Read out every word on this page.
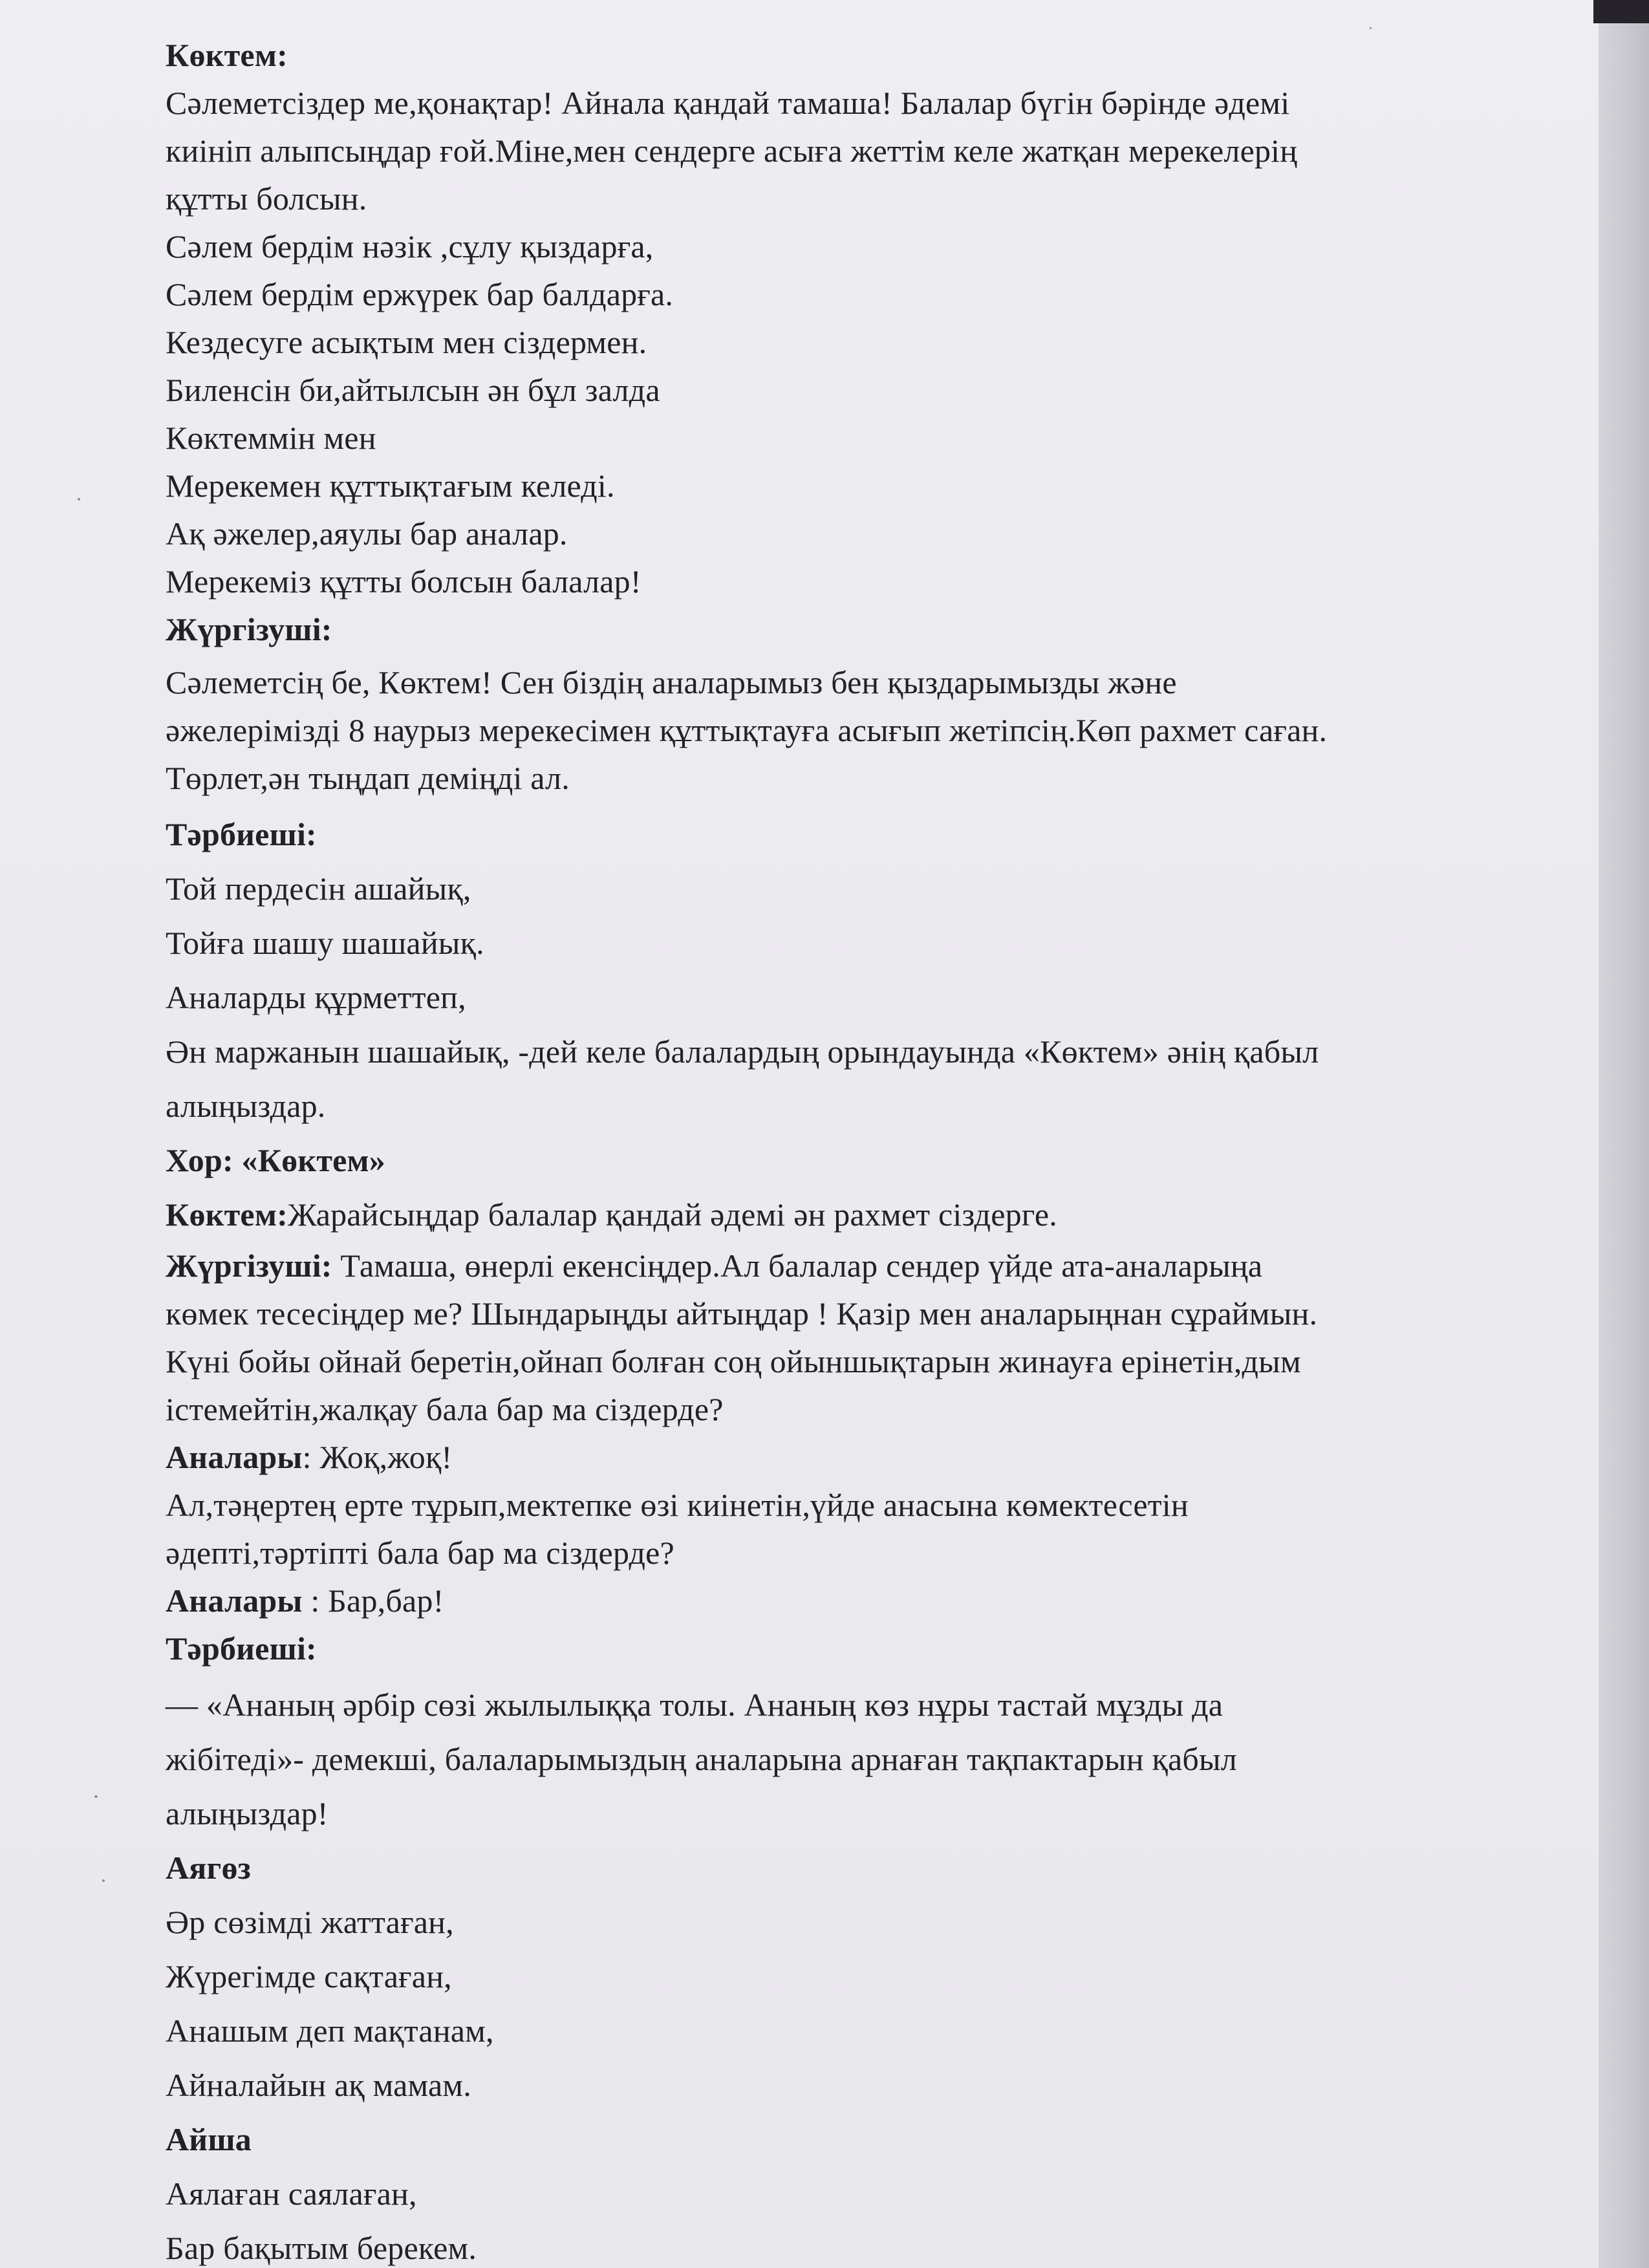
Көктем:
Сәлеметсіздер ме,қонақтар! Айнала қандай тамаша! Балалар бүгін бәрінде әдемі
киініп алыпсыңдар ғой.Міне,мен сендерге асыға жеттім келе жатқан мерекелерің
құтты болсын.
Сәлем бердім нәзік ,сұлу қыздарға,
Сәлем бердім ержүрек бар балдарға.
Кездесуге асықтым мен сіздермен.
Биленсін би,айтылсын ән бұл залда
Көктеммін мен
Мерекемен құттықтағым келеді.
Ақ әжелер,аяулы бар аналар.
Мерекеміз құтты болсын балалар!
Жүргізуші:
Сәлеметсің бе, Көктем! Сен біздің аналарымыз бен қыздарымызды және
әжелерімізді 8 наурыз мерекесімен құттықтауға асығып жетіпсің.Көп рахмет саған.
Төрлет,ән тыңдап деміңді ал.
Тәрбиеші:
Той пердесін ашайық,
Тойға шашу шашайық.
Аналарды құрметтеп,
Ән маржанын шашайық, -дей келе балалардың орындауында «Көктем» әнің қабыл
алыңыздар.
Хор: «Көктем»
Көктем:Жарайсыңдар балалар қандай әдемі ән рахмет сіздерге.
Жүргізуші: Тамаша, өнерлі екенсіңдер.Ал балалар сендер үйде ата-аналарыңа
көмек тесесіңдер ме? Шындарыңды айтыңдар ! Қазір мен аналарыңнан сұраймын.
Күні бойы ойнай беретін,ойнап болған соң ойыншықтарын жинауға ерінетін,дым
істемейтін,жалқау бала бар ма сіздерде?
Аналары: Жоқ,жоқ!
Ал,тәңертең ерте тұрып,мектепке өзі киінетін,үйде анасына көмектесетін
әдепті,тәртіпті бала бар ма сіздерде?
Аналары : Бар,бар!
Тәрбиеші:
— «Ананың әрбір сөзі жылылыққа толы. Ананың көз нұры тастай мұзды да
жібітеді»- демекші, балаларымыздың аналарына арнаған тақпактарын қабыл
алыңыздар!
Аягөз
Әр сөзімді жаттаған,
Жүрегімде сақтаған,
Анашым деп мақтанам,
Айналайын ақ мамам.
Айша
Аялаған саялаған,
Бар бақытым берекем.
